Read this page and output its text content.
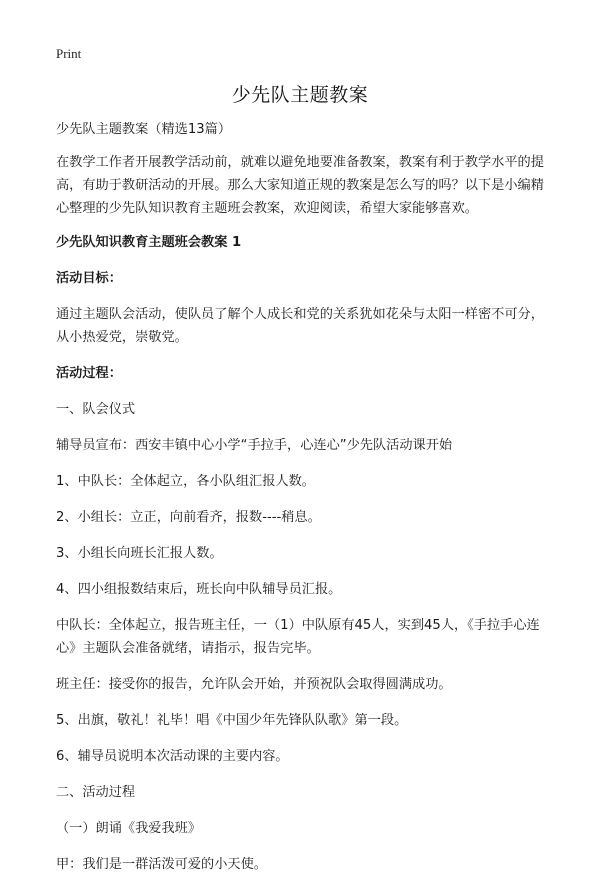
Print
少先队主题教案

少先队主题教案（精选13篇）

在教学工作者开展教学活动前，就难以避免地要准备教案，教案有利于教学水平的提高，有助于教研活动的开展。那么大家知道正规的教案是怎么写的吗？以下是小编精心整理的少先队知识教育主题班会教案，欢迎阅读，希望大家能够喜欢。

少先队知识教育主题班会教案 1

活动目标：

通过主题队会活动，使队员了解个人成长和党的关系犹如花朵与太阳一样密不可分，从小热爱党，崇敬党。

活动过程：

一、队会仪式

辅导员宣布：西安丰镇中心小学“手拉手，心连心”少先队活动课开始

1、中队长：全体起立，各小队组汇报人数。

2、小组长：立正，向前看齐，报数----稍息。

3、小组长向班长汇报人数。

4、四小组报数结束后，班长向中队辅导员汇报。

中队长：全体起立，报告班主任，一（1）中队原有45人，实到45人，《手拉手心连心》主题队会准备就绪，请指示，报告完毕。

班主任：接受你的报告，允许队会开始，并预祝队会取得圆满成功。

5、出旗，敬礼！礼毕！唱《中国少年先锋队队歌》第一段。

6、辅导员说明本次活动课的主要内容。

二、活动过程

（一）朗诵《我爱我班》

甲：我们是一群活泼可爱的小天使。
